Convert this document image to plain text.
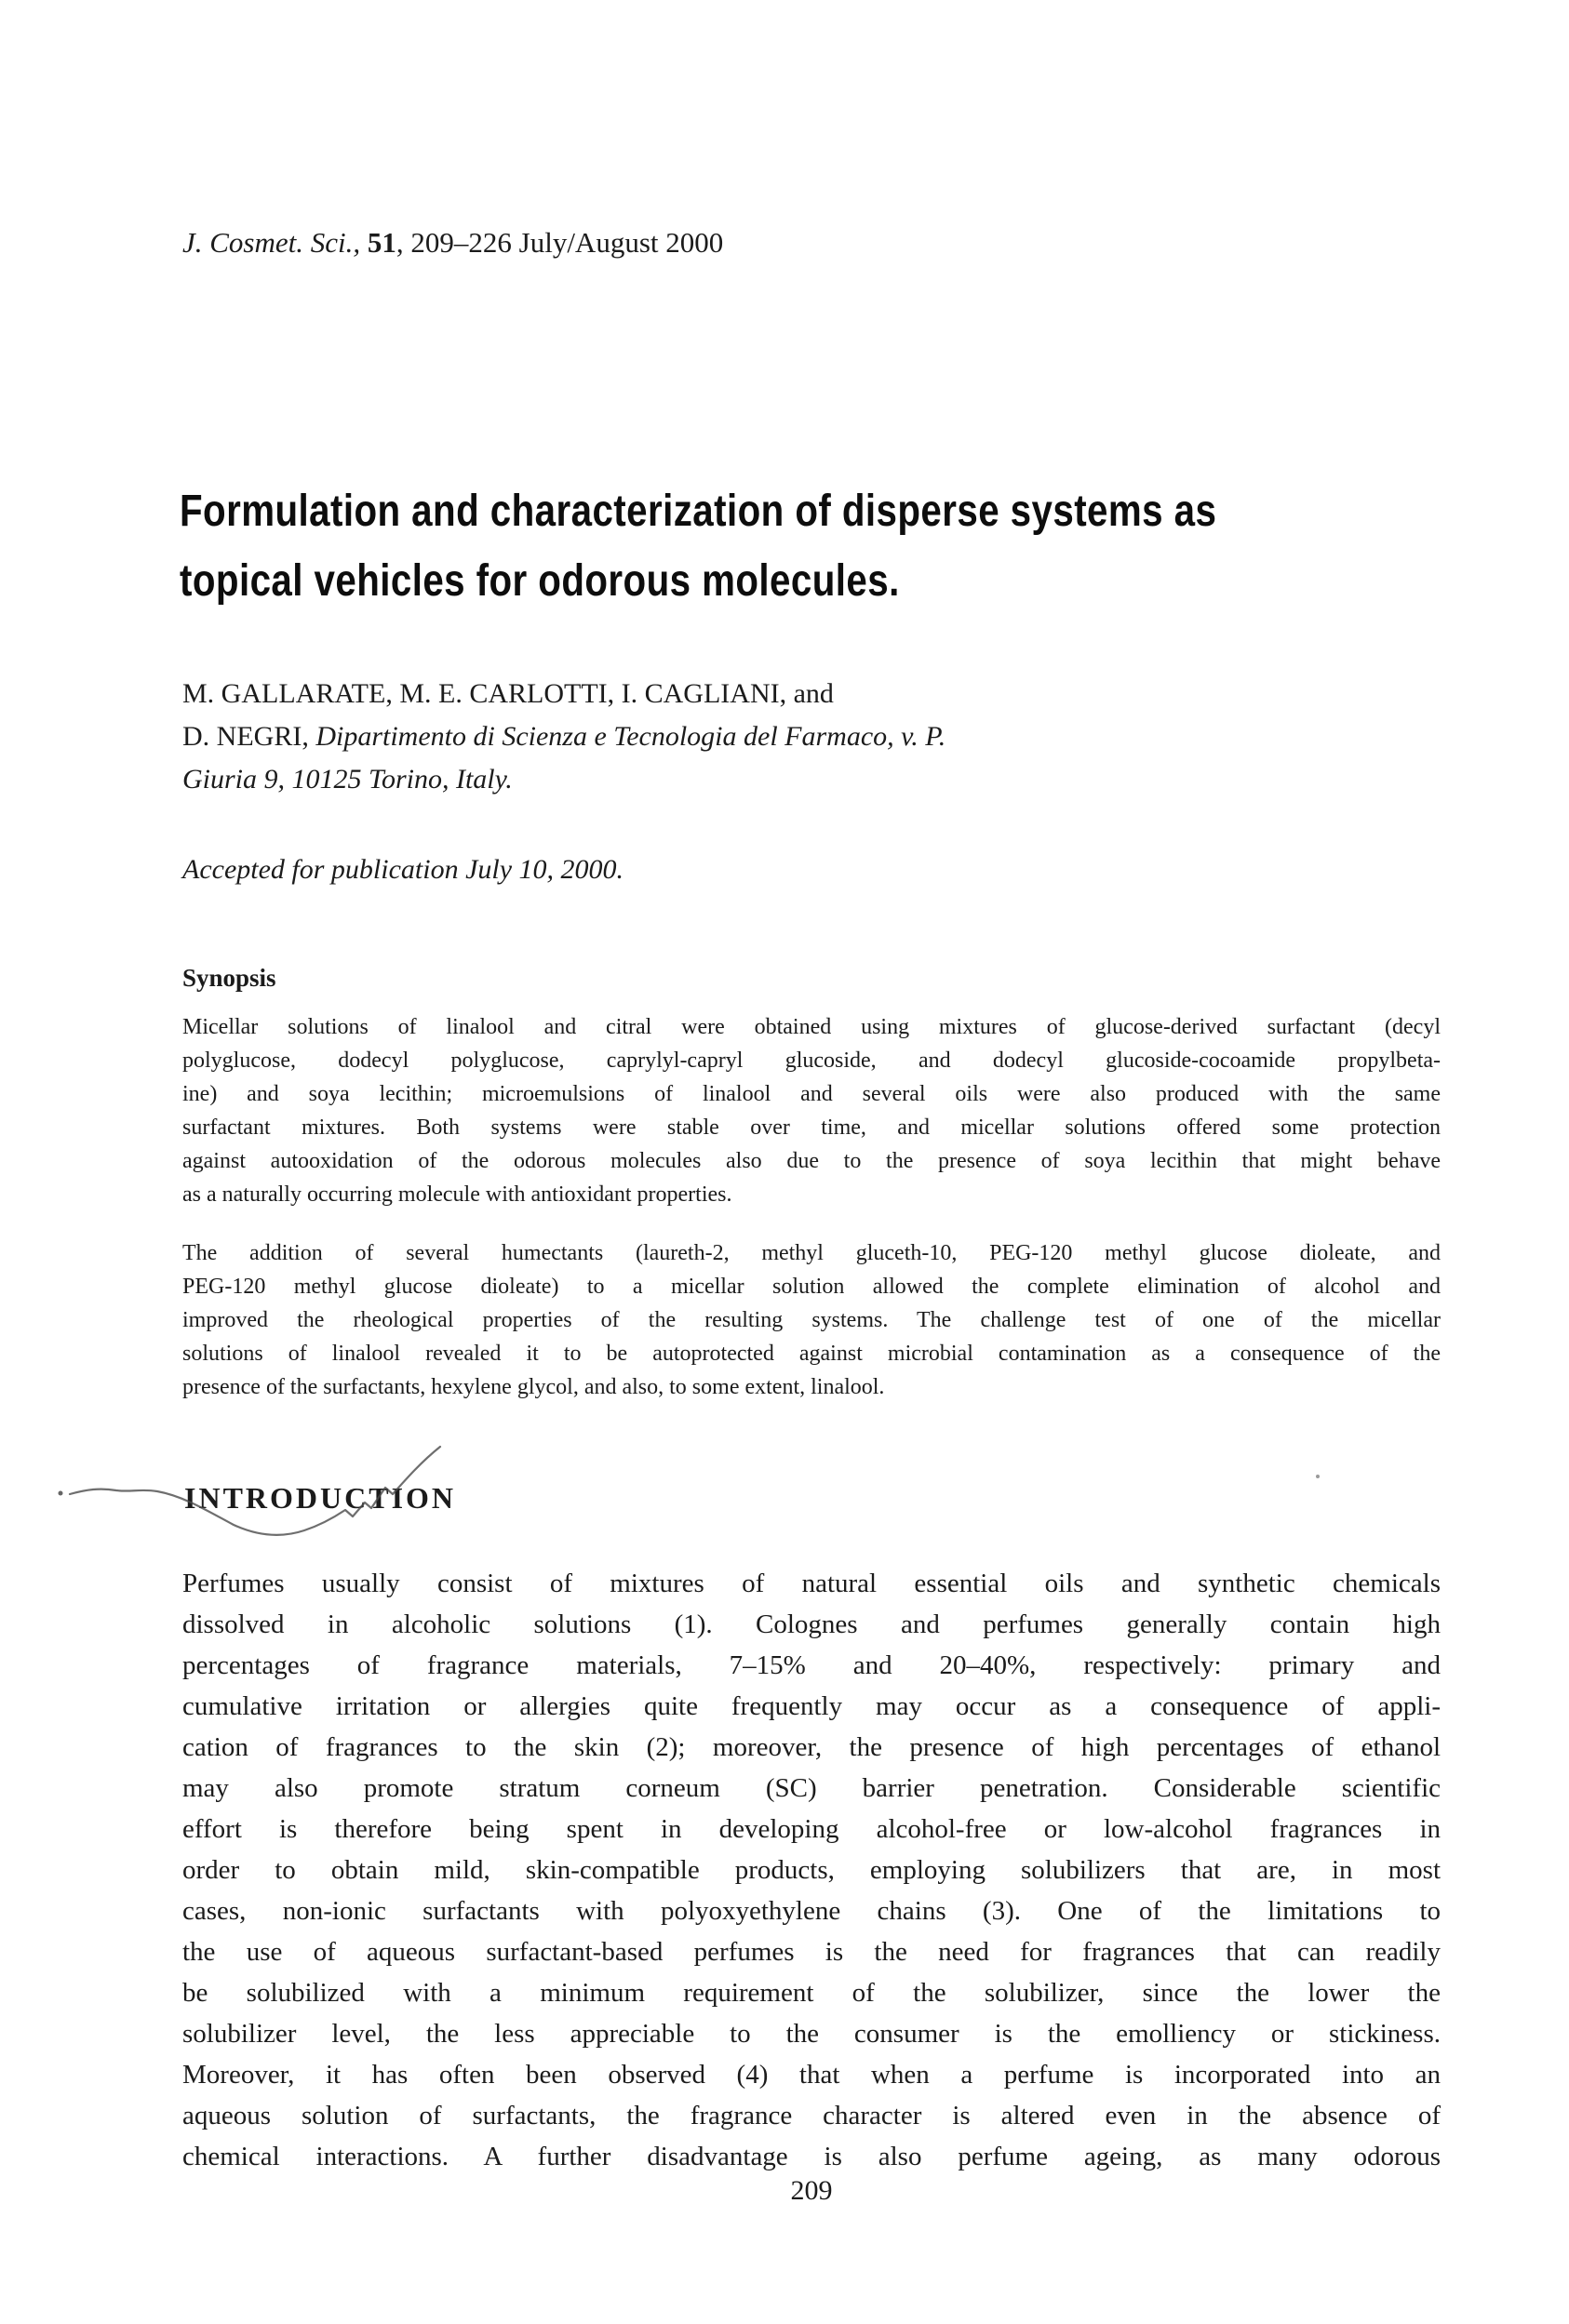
J. Cosmet. Sci., 51, 209–226 July/August 2000
Formulation and characterization of disperse systems as
topical vehicles for odorous molecules.
M. GALLARATE, M. E. CARLOTTI, I. CAGLIANI, and
D. NEGRI, Dipartimento di Scienza e Tecnologia del Farmaco, v. P.
Giuria 9, 10125 Torino, Italy.
Accepted for publication July 10, 2000.
Synopsis
Micellar solutions of linalool and citral were obtained using mixtures of glucose-derived surfactant (decyl
polyglucose, dodecyl polyglucose, caprylyl-capryl glucoside, and dodecyl glucoside-cocoamide propylbeta-
ine) and soya lecithin; microemulsions of linalool and several oils were also produced with the same
surfactant mixtures. Both systems were stable over time, and micellar solutions offered some protection
against autooxidation of the odorous molecules also due to the presence of soya lecithin that might behave
as a naturally occurring molecule with antioxidant properties.
The addition of several humectants (laureth-2, methyl gluceth-10, PEG-120 methyl glucose dioleate, and
PEG-120 methyl glucose dioleate) to a micellar solution allowed the complete elimination of alcohol and
improved the rheological properties of the resulting systems. The challenge test of one of the micellar
solutions of linalool revealed it to be autoprotected against microbial contamination as a consequence of the
presence of the surfactants, hexylene glycol, and also, to some extent, linalool.
INTRODUCTION
Perfumes usually consist of mixtures of natural essential oils and synthetic chemicals
dissolved in alcoholic solutions (1). Colognes and perfumes generally contain high
percentages of fragrance materials, 7–15% and 20–40%, respectively: primary and
cumulative irritation or allergies quite frequently may occur as a consequence of appli-
cation of fragrances to the skin (2); moreover, the presence of high percentages of ethanol
may also promote stratum corneum (SC) barrier penetration. Considerable scientific
effort is therefore being spent in developing alcohol-free or low-alcohol fragrances in
order to obtain mild, skin-compatible products, employing solubilizers that are, in most
cases, non-ionic surfactants with polyoxyethylene chains (3). One of the limitations to
the use of aqueous surfactant-based perfumes is the need for fragrances that can readily
be solubilized with a minimum requirement of the solubilizer, since the lower the
solubilizer level, the less appreciable to the consumer is the emolliency or stickiness.
Moreover, it has often been observed (4) that when a perfume is incorporated into an
aqueous solution of surfactants, the fragrance character is altered even in the absence of
chemical interactions. A further disadvantage is also perfume ageing, as many odorous
209
